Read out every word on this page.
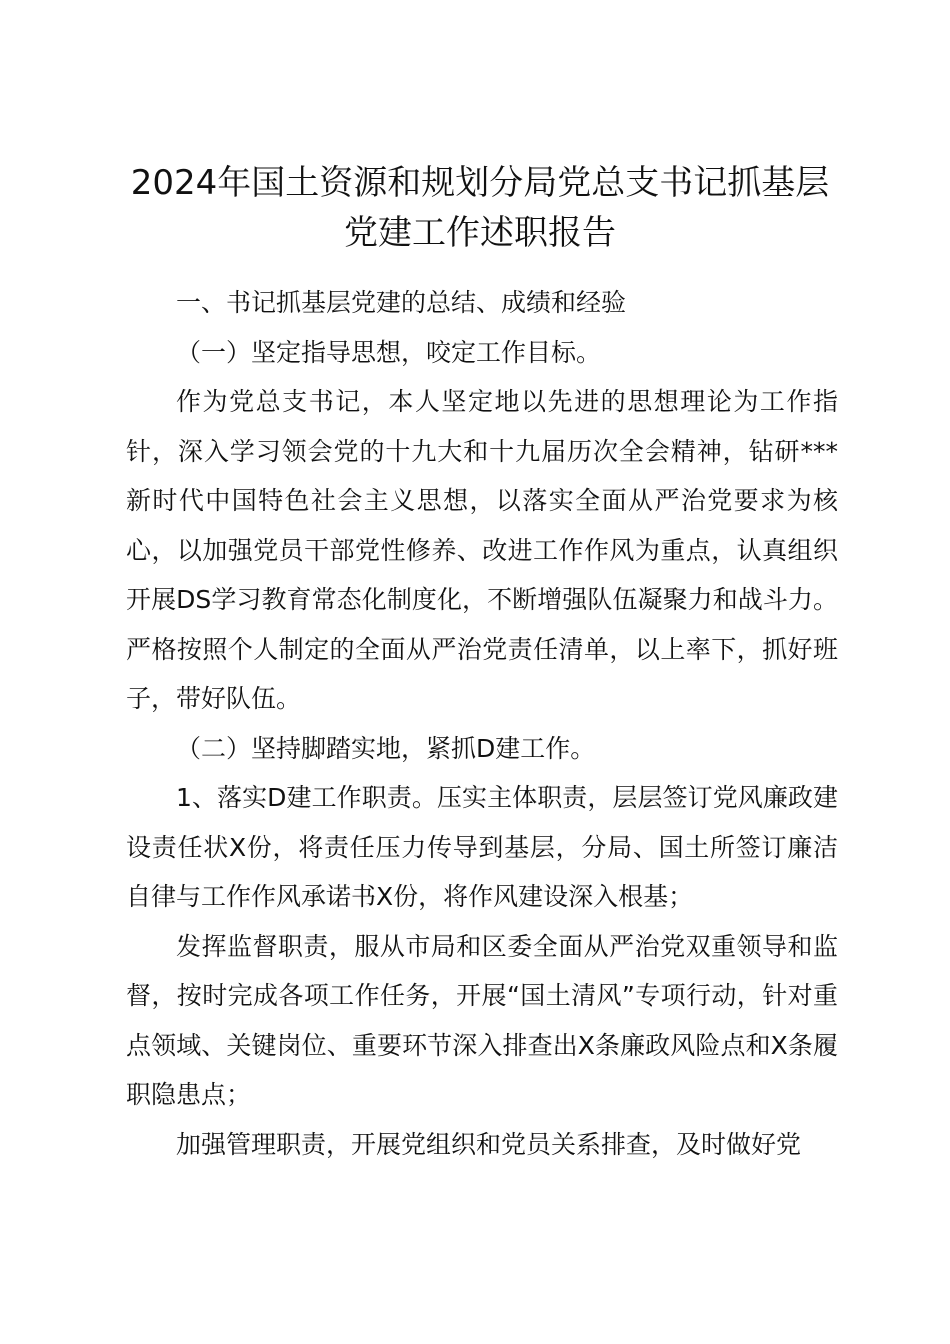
2024年国土资源和规划分局党总支书记抓基层党建工作述职报告

一、书记抓基层党建的总结、成绩和经验

（一）坚定指导思想，咬定工作目标。

作为党总支书记，本人坚定地以先进的思想理论为工作指针，深入学习领会党的十九大和十九届历次全会精神，钻研***新时代中国特色社会主义思想，以落实全面从严治党要求为核心，以加强党员干部党性修养、改进工作作风为重点，认真组织开展DS学习教育常态化制度化，不断增强队伍凝聚力和战斗力。严格按照个人制定的全面从严治党责任清单，以上率下，抓好班子，带好队伍。

（二）坚持脚踏实地，紧抓D建工作。

1、落实D建工作职责。压实主体职责，层层签订党风廉政建设责任状X份，将责任压力传导到基层，分局、国土所签订廉洁自律与工作作风承诺书X份，将作风建设深入根基；

发挥监督职责，服从市局和区委全面从严治党双重领导和监督，按时完成各项工作任务，开展“国土清风”专项行动，针对重点领域、关键岗位、重要环节深入排查出X条廉政风险点和X条履职隐患点；

加强管理职责，开展党组织和党员关系排查，及时做好党
